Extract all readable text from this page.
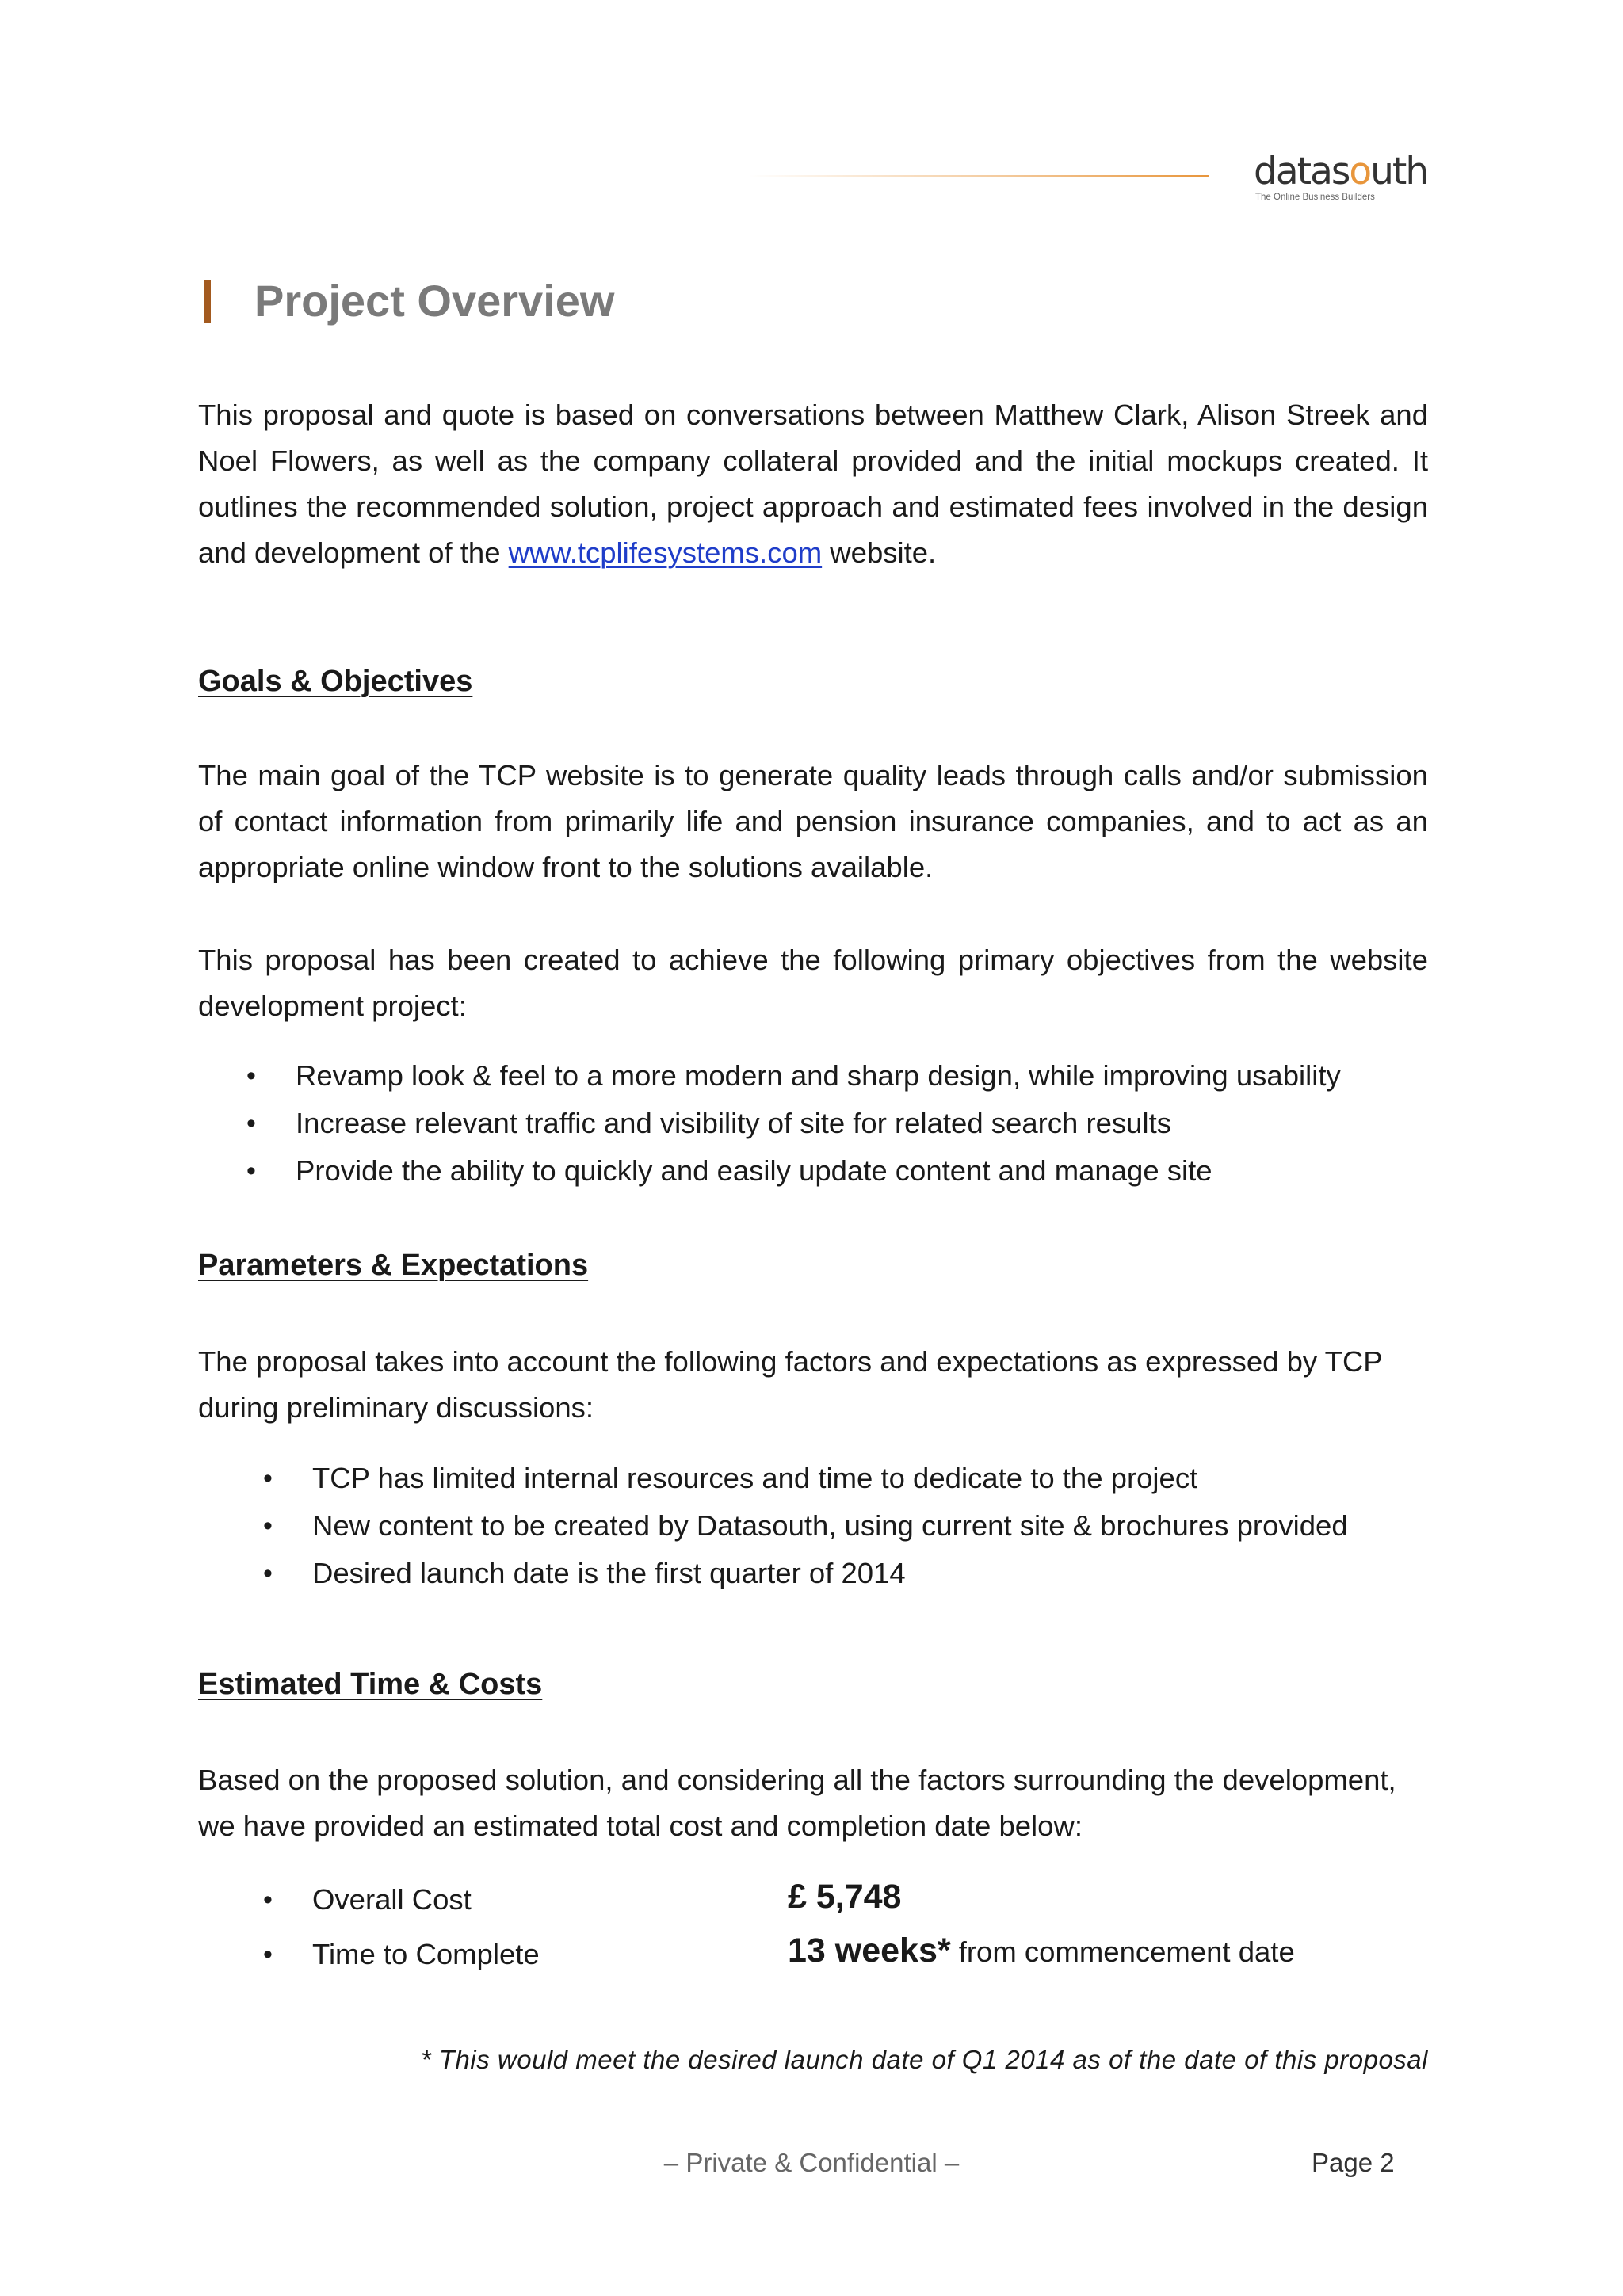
datasouth
The Online Business Builders
Project Overview
This proposal and quote is based on conversations between Matthew Clark, Alison Streek and Noel Flowers, as well as the company collateral provided and the initial mockups created. It outlines the recommended solution, project approach and estimated fees involved in the design and development of the www.tcplifesystems.com website.
Goals & Objectives
The main goal of the TCP website is to generate quality leads through calls and/or submission of contact information from primarily life and pension insurance companies, and to act as an appropriate online window front to the solutions available.
This proposal has been created to achieve the following primary objectives from the website development project:
• Revamp look & feel to a more modern and sharp design, while improving usability
• Increase relevant traffic and visibility of site for related search results
• Provide the ability to quickly and easily update content and manage site
Parameters & Expectations
The proposal takes into account the following factors and expectations as expressed by TCP during preliminary discussions:
• TCP has limited internal resources and time to dedicate to the project
• New content to be created by Datasouth, using current site & brochures provided
• Desired launch date is the first quarter of 2014
Estimated Time & Costs
Based on the proposed solution, and considering all the factors surrounding the development, we have provided an estimated total cost and completion date below:
• Overall Cost	£ 5,748
• Time to Complete	13 weeks* from commencement date
* This would meet the desired launch date of Q1 2014 as of the date of this proposal
– Private & Confidential –	Page 2
